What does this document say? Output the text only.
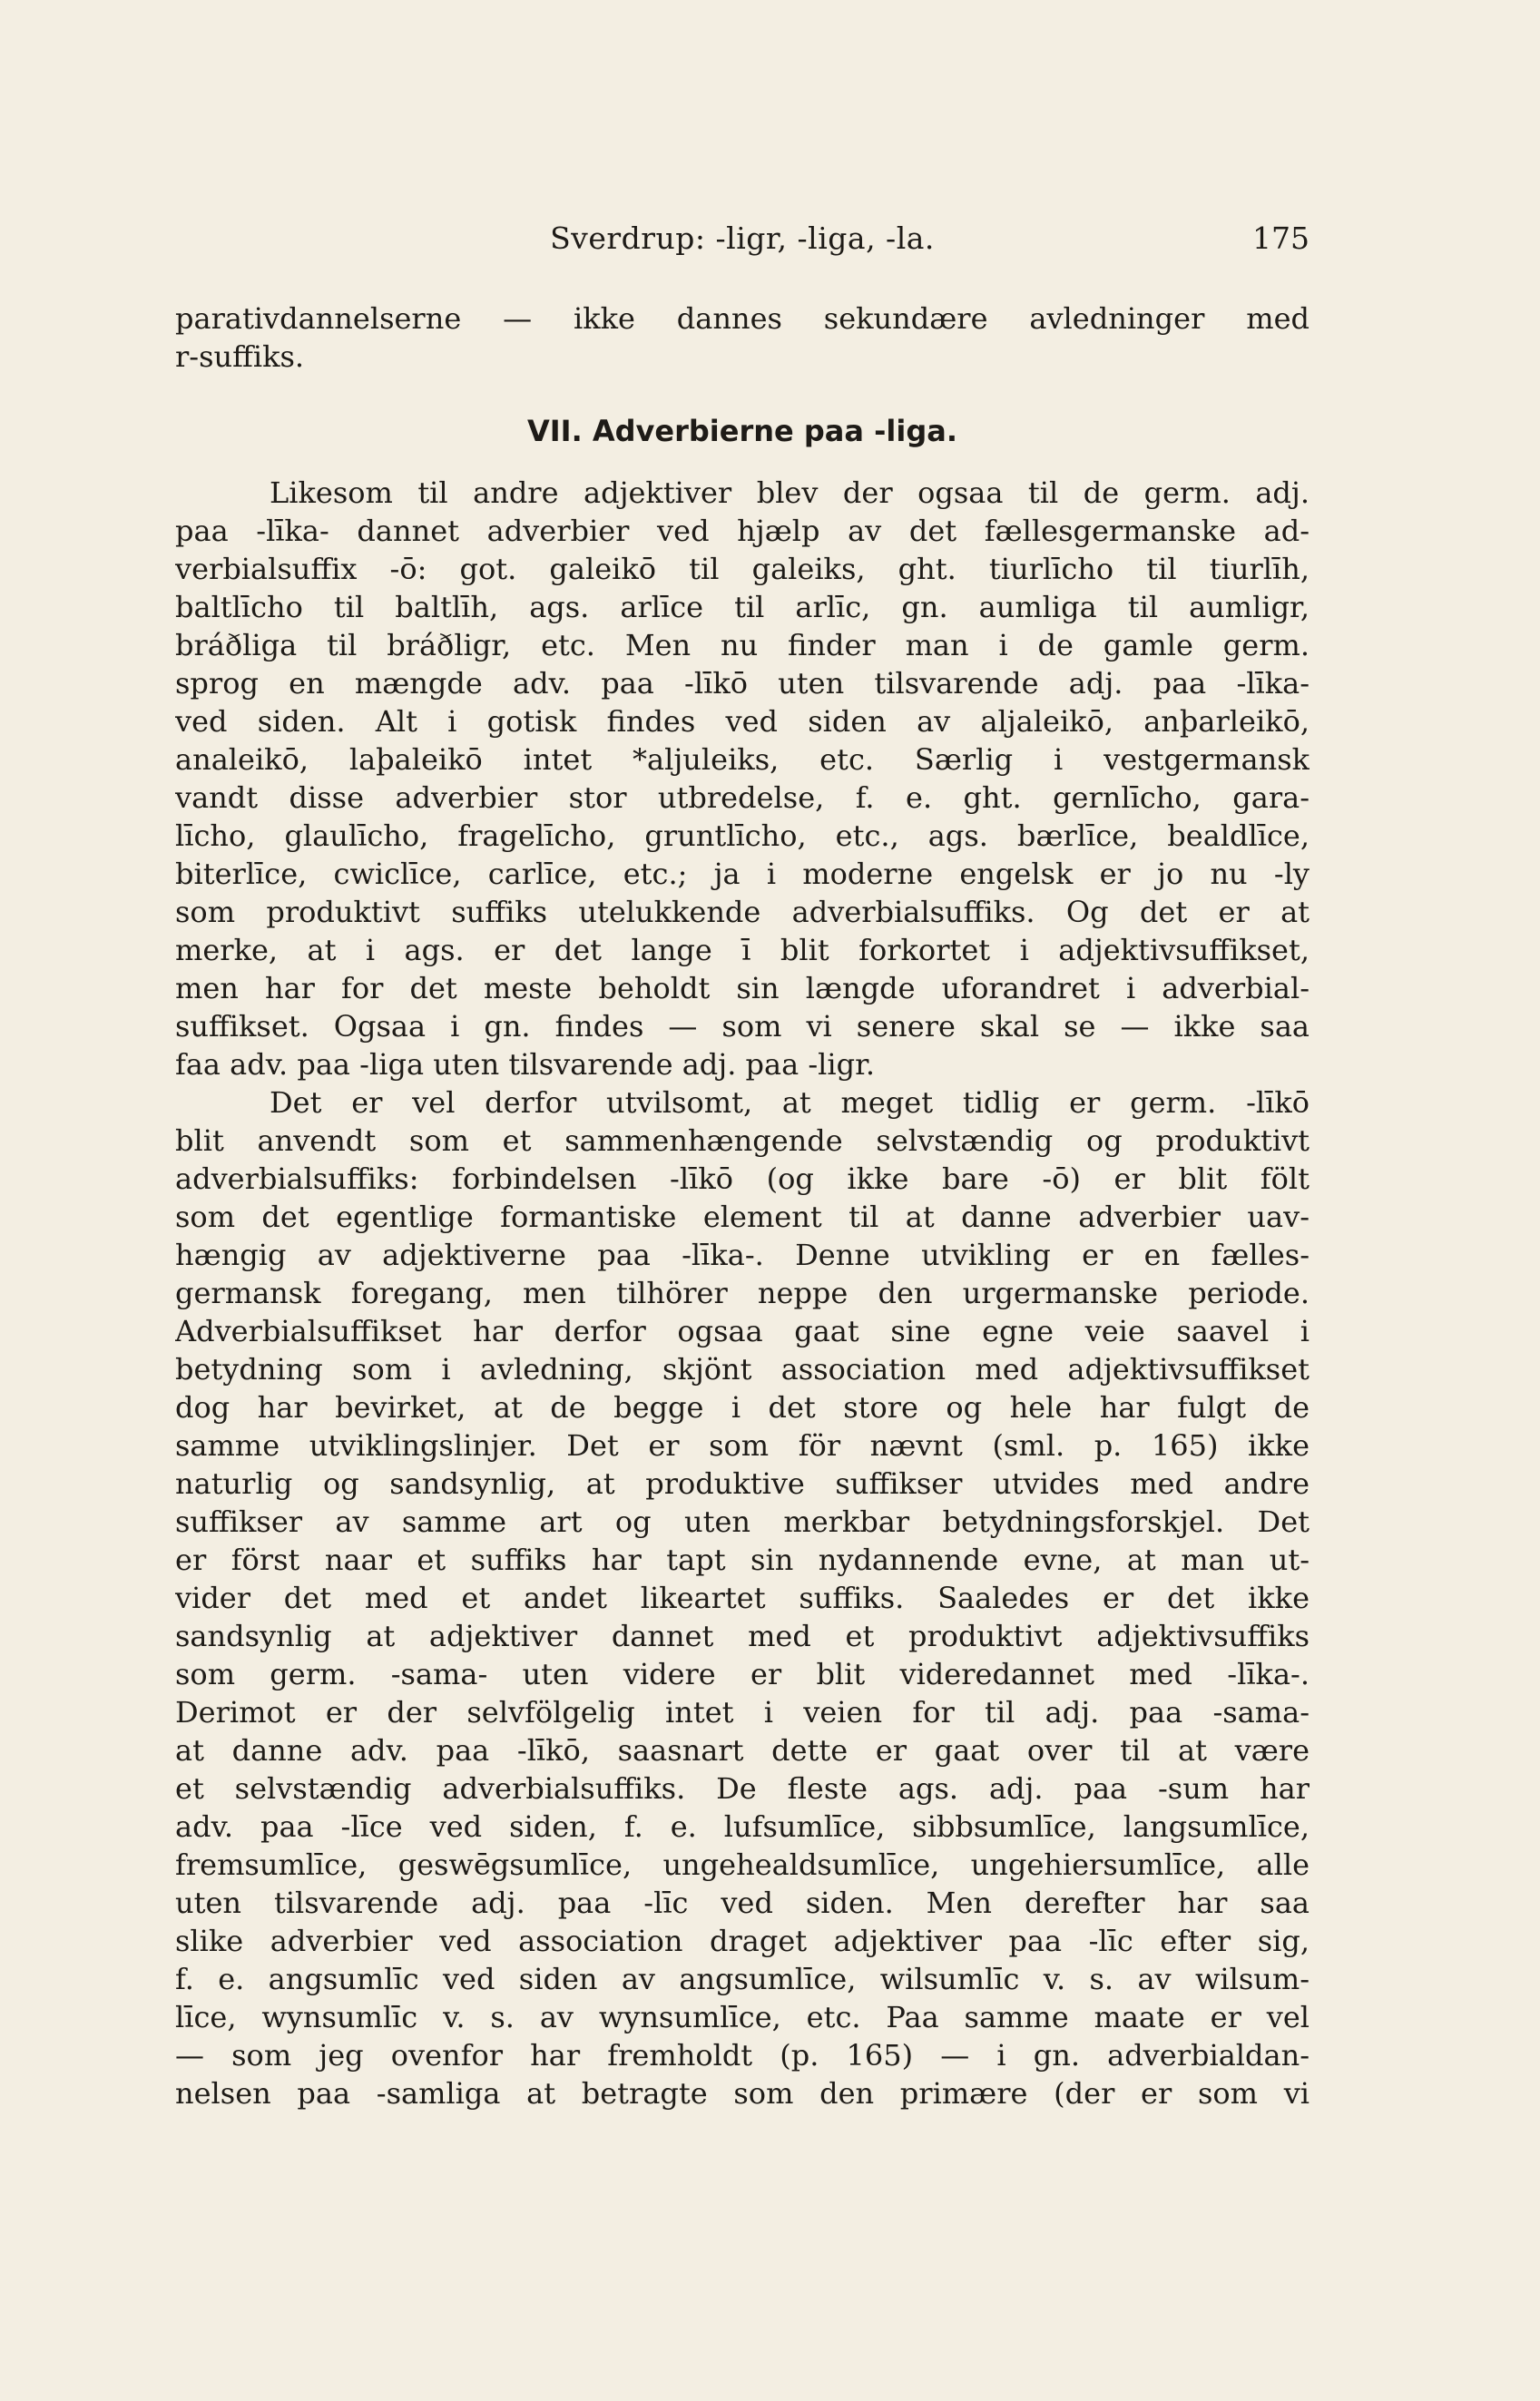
Sverdrup: -ligr, -liga, -la.	175
parativdannelserne — ikke dannes sekundære avledninger med
r-suffiks.
VII. Adverbierne paa -liga.
Likesom til andre adjektiver blev der ogsaa til de germ. adj.
paa -līka- dannet adverbier ved hjælp av det fællesgermanske ad-
verbialsuffix -ō: got. galeikō til galeiks, ght. tiurlīcho til tiurlīh,
baltlīcho til baltlīh, ags. arlīce til arlīc, gn. aumliga til aumligr,
bráðliga til bráðligr, etc. Men nu finder man i de gamle germ.
sprog en mængde adv. paa -līkō uten tilsvarende adj. paa -līka-
ved siden. Alt i gotisk findes ved siden av aljaleikō, anþarleikō,
analeikō, laþaleikō intet *aljuleiks, etc. Særlig i vestgermansk
vandt disse adverbier stor utbredelse, f. e. ght. gernlīcho, gara-
līcho, glaulīcho, fragelīcho, gruntlīcho, etc., ags. bærlīce, bealdlīce,
biterlīce, cwiclīce, carlīce, etc.; ja i moderne engelsk er jo nu -ly
som produktivt suffiks utelukkende adverbialsuffiks. Og det er at
merke, at i ags. er det lange ī blit forkortet i adjektivsuffikset,
men har for det meste beholdt sin længde uforandret i adverbial-
suffikset. Ogsaa i gn. findes — som vi senere skal se — ikke saa
faa adv. paa -liga uten tilsvarende adj. paa -ligr.
Det er vel derfor utvilsomt, at meget tidlig er germ. -līkō
blit anvendt som et sammenhængende selvstændig og produktivt
adverbialsuffiks: forbindelsen -līkō (og ikke bare -ō) er blit fölt
som det egentlige formantiske element til at danne adverbier uav-
hængig av adjektiverne paa -līka-. Denne utvikling er en fælles-
germansk foregang, men tilhörer neppe den urgermanske periode.
Adverbialsuffikset har derfor ogsaa gaat sine egne veie saavel i
betydning som i avledning, skjönt association med adjektivsuffikset
dog har bevirket, at de begge i det store og hele har fulgt de
samme utviklingslinjer. Det er som för nævnt (sml. p. 165) ikke
naturlig og sandsynlig, at produktive suffikser utvides med andre
suffikser av samme art og uten merkbar betydningsforskjel. Det
er först naar et suffiks har tapt sin nydannende evne, at man ut-
vider det med et andet likeartet suffiks. Saaledes er det ikke
sandsynlig at adjektiver dannet med et produktivt adjektivsuffiks
som germ. -sama- uten videre er blit videredannet med -līka-.
Derimot er der selvfölgelig intet i veien for til adj. paa -sama-
at danne adv. paa -līkō, saasnart dette er gaat over til at være
et selvstændig adverbialsuffiks. De fleste ags. adj. paa -sum har
adv. paa -līce ved siden, f. e. lufsumlīce, sibbsumlīce, langsumlīce,
fremsumlīce, geswēgsumlīce, ungehealdsumlīce, ungehiersumlīce, alle
uten tilsvarende adj. paa -līc ved siden. Men derefter har saa
slike adverbier ved association draget adjektiver paa -līc efter sig,
f. e. angsumlīc ved siden av angsumlīce, wilsumlīc v. s. av wilsum-
līce, wynsumlīc v. s. av wynsumlīce, etc. Paa samme maate er vel
— som jeg ovenfor har fremholdt (p. 165) — i gn. adverbialdan-
nelsen paa -samliga at betragte som den primære (der er som vi
